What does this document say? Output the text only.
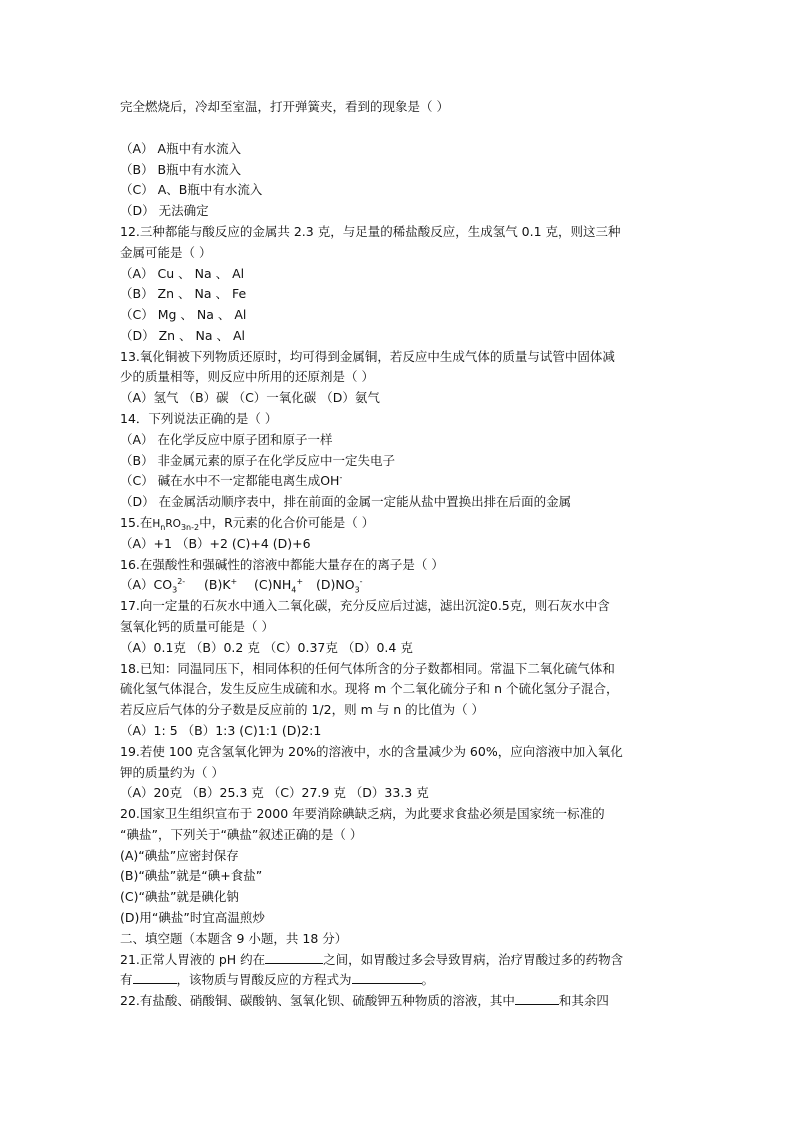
完全燃烧后，冷却至室温，打开弹簧夹，看到的现象是（ ）
（A） A瓶中有水流入
（B） B瓶中有水流入
（C） A、B瓶中有水流入
（D） 无法确定
12.三种都能与酸反应的金属共 2.3 克，与足量的稀盐酸反应，生成氢气 0.1 克，则这三种
金属可能是（ ）
（A） Cu 、 Na 、 Al
（B） Zn 、 Na 、 Fe
（C） Mg 、 Na 、 Al
（D） Zn 、 Na 、 Al
13.氧化铜被下列物质还原时，均可得到金属铜，若反应中生成气体的质量与试管中固体减
少的质量相等，则反应中所用的还原剂是（ ）
（A）氢气 （B）碳 （C）一氧化碳 （D）氨气
14．下列说法正确的是（ ）
（A） 在化学反应中原子团和原子一样
（B） 非金属元素的原子在化学反应中一定失电子
（C） 碱在水中不一定都能电离生成OH-
（D） 在金属活动顺序表中，排在前面的金属一定能从盐中置换出排在后面的金属
15.在$H_nRO_{3n-2}$中，R元素的化合价可能是（ ）
（A）+1 （B）+2 (C)+4 (D)+6
16.在强酸性和强碱性的溶液中都能大量存在的离子是（ ）
$(A)CO_3^{2-}$ (B)K+ $(C)NH_4^+$ $(D)NO_3^-$
17.向一定量的石灰水中通入二氧化碳，充分反应后过滤，滤出沉淀0.5克，则石灰水中含
氢氧化钙的质量可能是（ ）
（A）0.1克 （B）0.2 克 （C）0.37克 （D）0.4 克
18.已知：同温同压下，相同体积的任何气体所含的分子数都相同。常温下二氧化硫气体和
硫化氢气体混合，发生反应生成硫和水。现将 m 个二氧化硫分子和 n 个硫化氢分子混合，
若反应后气体的分子数是反应前的 1/2，则 m 与 n 的比值为（ ）
（A）1: 5 （B）1:3 (C)1:1 (D)2:1
19.若使 100 克含氢氧化钾为 20%的溶液中，水的含量减少为 60%，应向溶液中加入氧化
钾的质量约为（ ）
（A）20克 （B）25.3 克 （C）27.9 克 （D）33.3 克
20.国家卫生组织宣布于 2000 年要消除碘缺乏病，为此要求食盐必须是国家统一标准的
“碘盐”，下列关于“碘盐”叙述正确的是（ ）
(A)“碘盐”应密封保存
(B)“碘盐”就是“碘+食盐”
(C)“碘盐”就是碘化钠
(D)用“碘盐”时宜高温煎炒
二、填空题（本题含 9 小题，共 18 分）
21.正常人胃液的 pH 约在	之间，如胃酸过多会导致胃病，治疗胃酸过多的药物含
有	，该物质与胃酸反应的方程式为	。
22.有盐酸、硝酸铜、碳酸钠、氢氧化钡、硫酸钾五种物质的溶液，其中	和其余四
